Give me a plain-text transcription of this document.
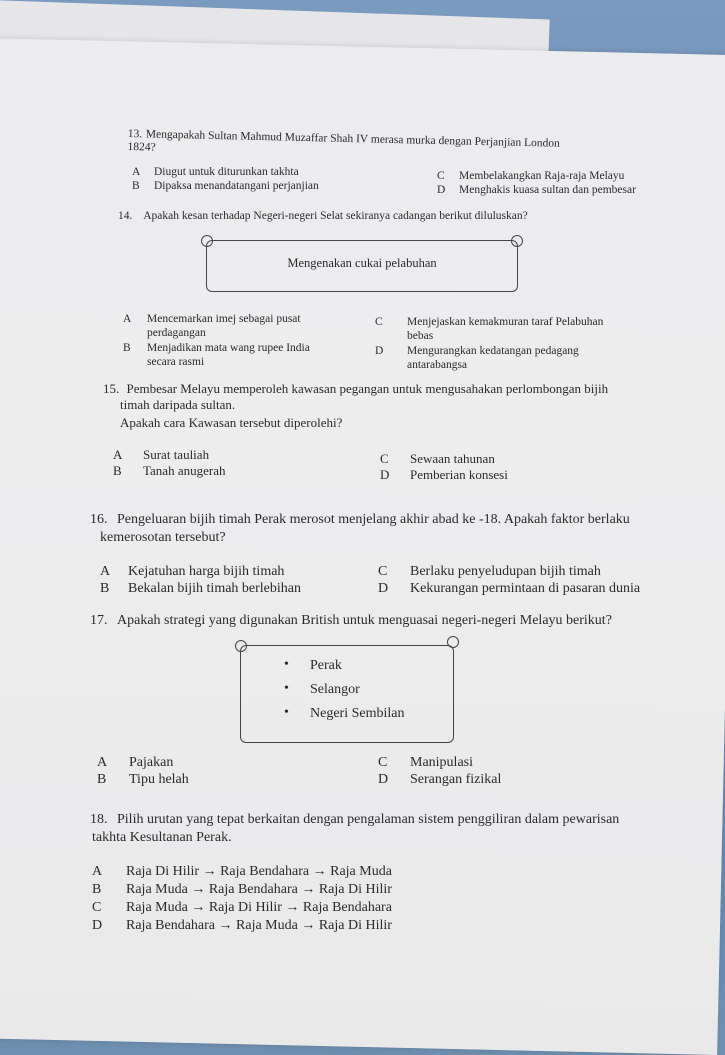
13. Mengapakah Sultan Mahmud Muzaffar Shah IV merasa murka dengan Perjanjian London
1824?
A Diugut untuk diturunkan takhta
B Dipaksa menandatangani perjanjian
C Membelakangkan Raja-raja Melayu
D Menghakis kuasa sultan dan pembesar
14. Apakah kesan terhadap Negeri-negeri Selat sekiranya cadangan berikut diluluskan?
Mengenakan cukai pelabuhan
A Mencemarkan imej sebagai pusat
perdagangan
B Menjadikan mata wang rupee India
secara rasmi
C Menjejaskan kemakmuran taraf Pelabuhan
bebas
D Mengurangkan kedatangan pedagang
antarabangsa
15. Pembesar Melayu memperoleh kawasan pegangan untuk mengusahakan perlombongan bijih
timah daripada sultan.
Apakah cara Kawasan tersebut diperolehi?
A Surat tauliah
B Tanah anugerah
C Sewaan tahunan
D Pemberian konsesi
16. Pengeluaran bijih timah Perak merosot menjelang akhir abad ke -18. Apakah faktor berlaku
kemerosotan tersebut?
A Kejatuhan harga bijih timah
B Bekalan bijih timah berlebihan
C Berlaku penyeludupan bijih timah
D Kekurangan permintaan di pasaran dunia
17. Apakah strategi yang digunakan British untuk menguasai negeri-negeri Melayu berikut?
• Perak
• Selangor
• Negeri Sembilan
A Pajakan
B Tipu helah
C Manipulasi
D Serangan fizikal
18. Pilih urutan yang tepat berkaitan dengan pengalaman sistem penggiliran dalam pewarisan
takhta Kesultanan Perak.
A Raja Di Hilir → Raja Bendahara → Raja Muda
B Raja Muda → Raja Bendahara → Raja Di Hilir
C Raja Muda → Raja Di Hilir → Raja Bendahara
D Raja Bendahara → Raja Muda → Raja Di Hilir
